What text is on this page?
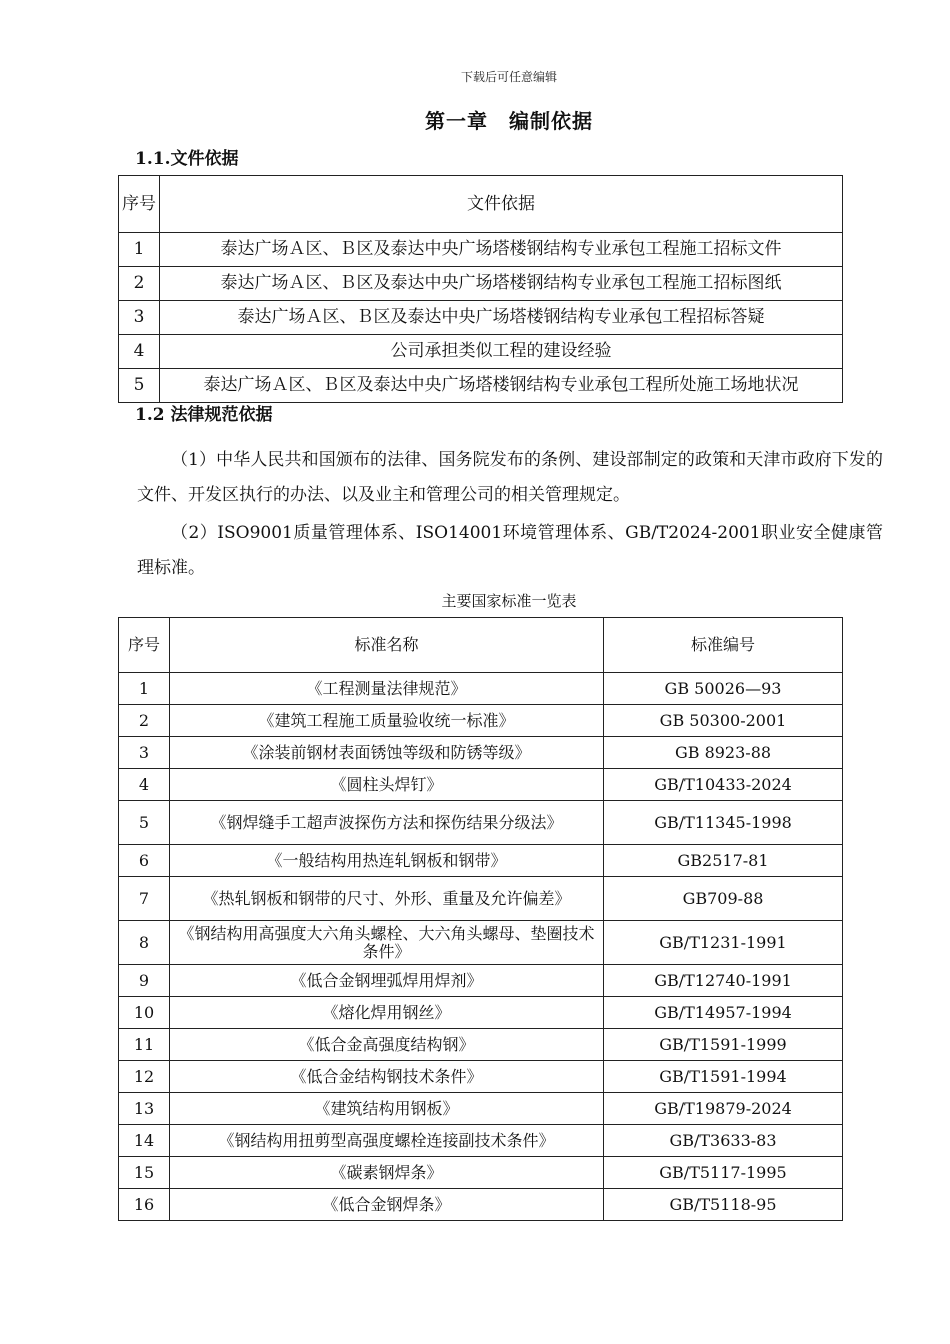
下载后可任意编辑
第一章　编制依据
1.1.文件依据
序号	文件依据
1	泰达广场Ａ区、Ｂ区及泰达中央广场塔楼钢结构专业承包工程施工招标文件
2	泰达广场Ａ区、Ｂ区及泰达中央广场塔楼钢结构专业承包工程施工招标图纸
3	泰达广场Ａ区、Ｂ区及泰达中央广场塔楼钢结构专业承包工程招标答疑
4	公司承担类似工程的建设经验
5	泰达广场Ａ区、Ｂ区及泰达中央广场塔楼钢结构专业承包工程所处施工场地状况
1.2 法律规范依据
（1）中华人民共和国颁布的法律、国务院发布的条例、建设部制定的政策和天津市政府下发的文件、开发区执行的办法、以及业主和管理公司的相关管理规定。
（2）ISO9001质量管理体系、ISO14001环境管理体系、GB/T2024-2001职业安全健康管理标准。
主要国家标准一览表
序号	标准名称	标准编号
1	《工程测量法律规范》	GB 50026—93
2	《建筑工程施工质量验收统一标准》	GB 50300-2001
3	《涂装前钢材表面锈蚀等级和防锈等级》	GB 8923-88
4	《圆柱头焊钉》	GB/T10433-2024
5	《钢焊缝手工超声波探伤方法和探伤结果分级法》	GB/T11345-1998
6	《一般结构用热连轧钢板和钢带》	GB2517-81
7	《热轧钢板和钢带的尺寸、外形、重量及允许偏差》	GB709-88
8	《钢结构用高强度大六角头螺栓、大六角头螺母、垫圈技术条件》	GB/T1231-1991
9	《低合金钢埋弧焊用焊剂》	GB/T12740-1991
10	《熔化焊用钢丝》	GB/T14957-1994
11	《低合金高强度结构钢》	GB/T1591-1999
12	《低合金结构钢技术条件》	GB/T1591-1994
13	《建筑结构用钢板》	GB/T19879-2024
14	《钢结构用扭剪型高强度螺栓连接副技术条件》	GB/T3633-83
15	《碳素钢焊条》	GB/T5117-1995
16	《低合金钢焊条》	GB/T5118-95
